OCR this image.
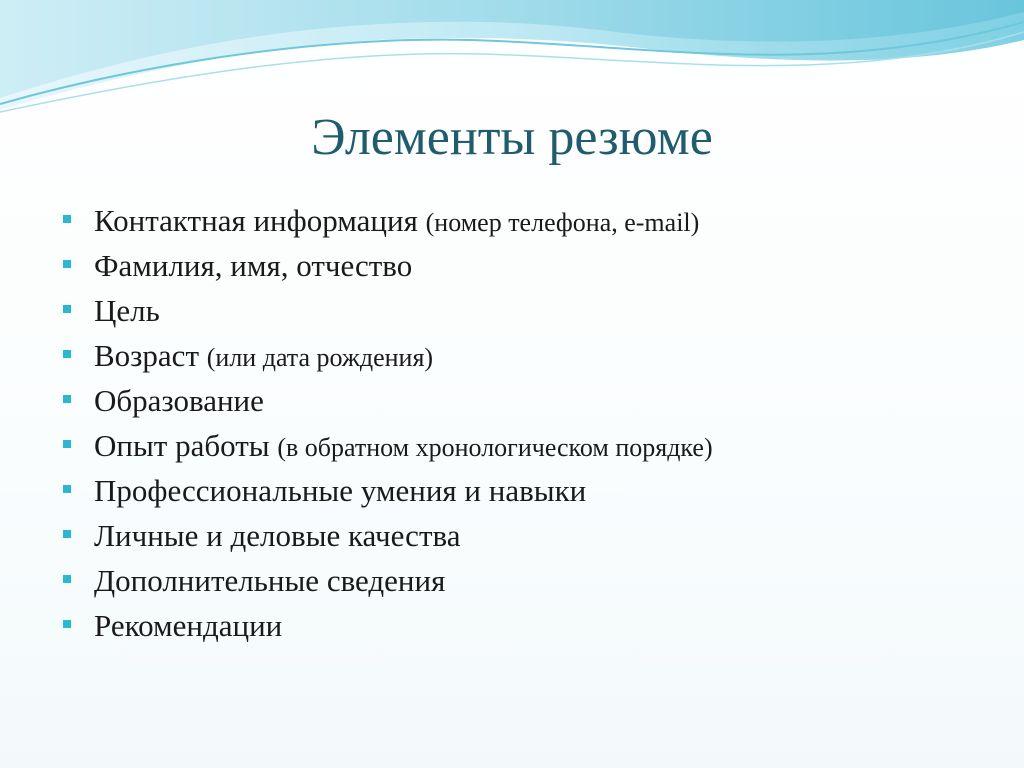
Элементы резюме
Контактная информация (номер телефона, e-mail)
Фамилия, имя, отчество
Цель
Возраст (или дата рождения)
Образование
Опыт работы (в обратном хронологическом порядке)
Профессиональные умения и навыки
Личные и деловые качества
Дополнительные сведения
Рекомендации
